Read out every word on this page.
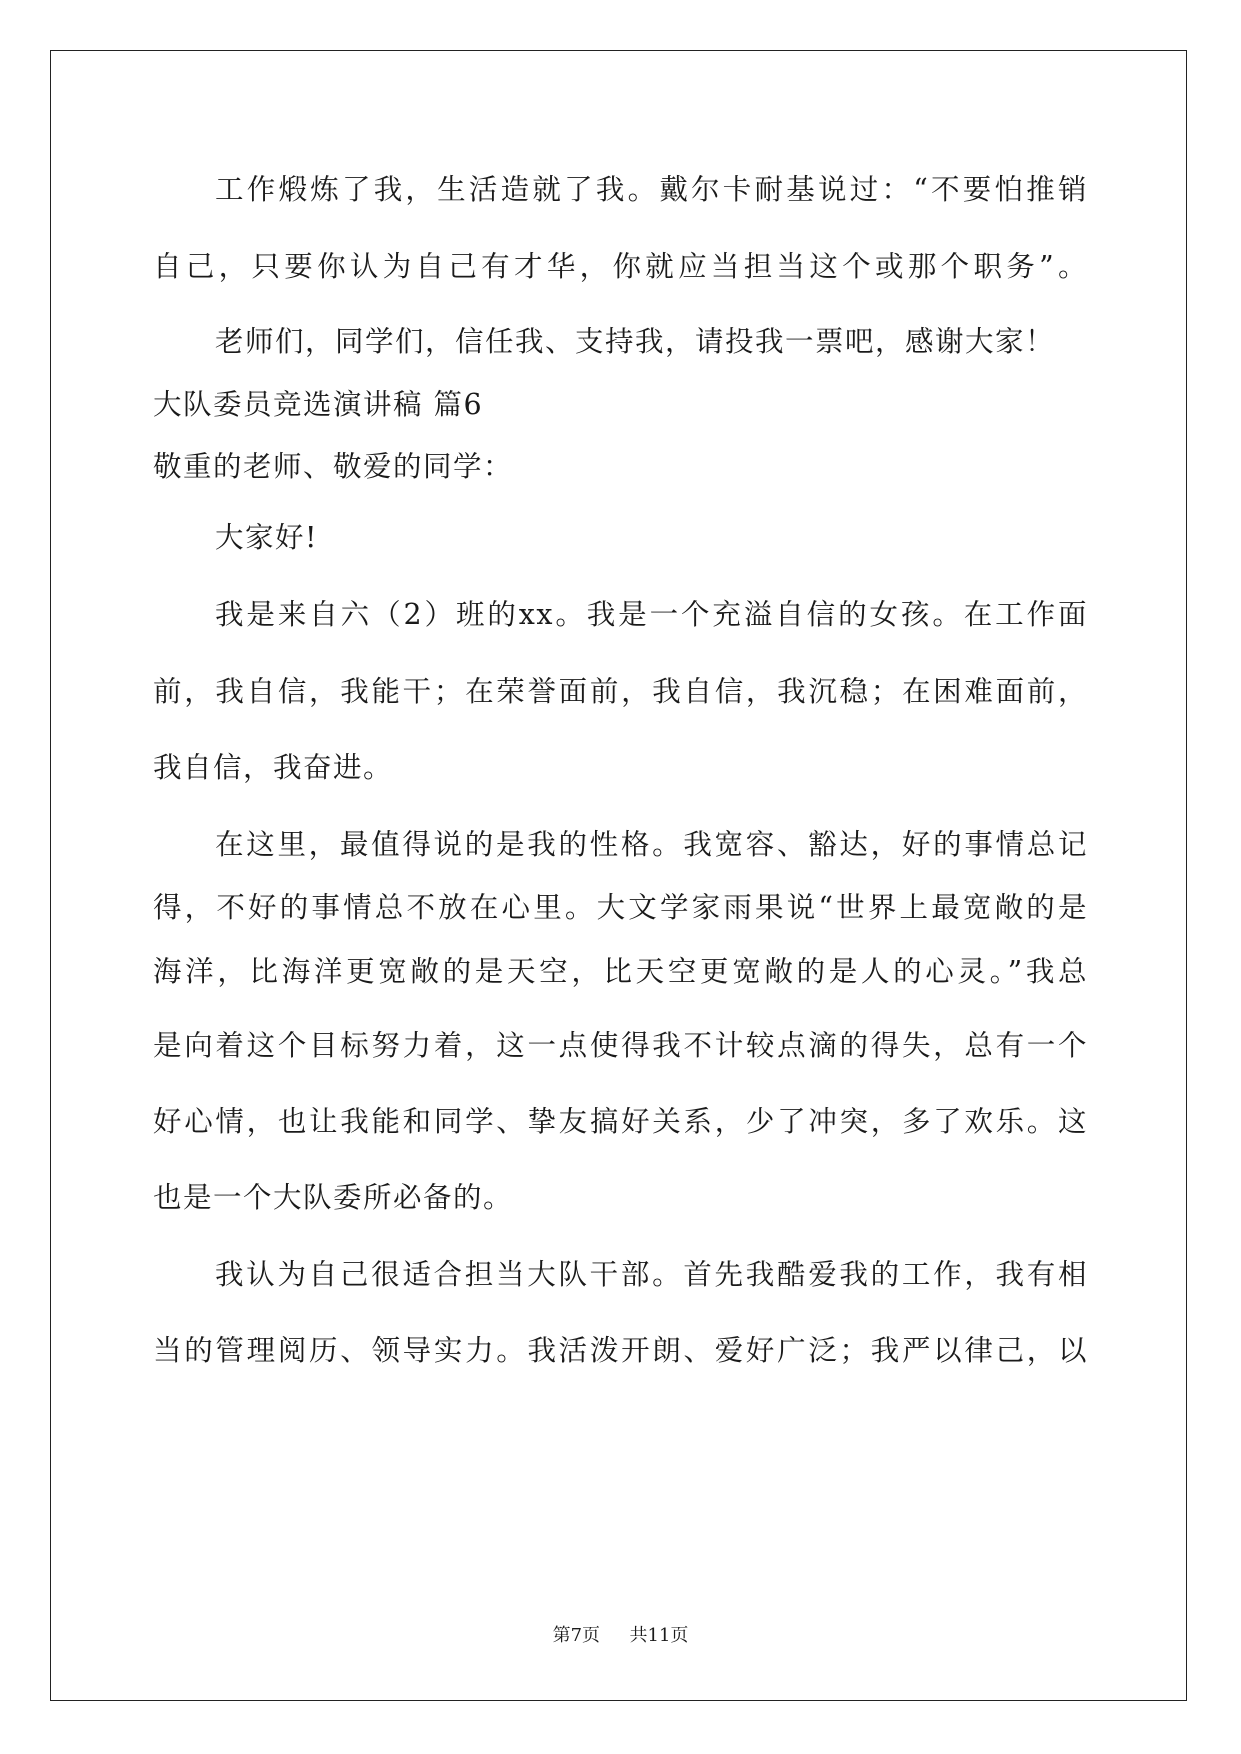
工作煅炼了我，生活造就了我。戴尔卡耐基说过：“不要怕推销
自己，只要你认为自己有才华，你就应当担当这个或那个职务”。
老师们，同学们，信任我、支持我，请投我一票吧，感谢大家！
大队委员竞选演讲稿 篇6
敬重的老师、敬爱的同学：
大家好!
我是来自六（2）班的xx。我是一个充溢自信的女孩。在工作面
前，我自信，我能干；在荣誉面前，我自信，我沉稳；在困难面前，
我自信，我奋进。
在这里，最值得说的是我的性格。我宽容、豁达，好的事情总记
得，不好的事情总不放在心里。大文学家雨果说“世界上最宽敞的是
海洋，比海洋更宽敞的是天空，比天空更宽敞的是人的心灵。”我总
是向着这个目标努力着，这一点使得我不计较点滴的得失，总有一个
好心情，也让我能和同学、挚友搞好关系，少了冲突，多了欢乐。这
也是一个大队委所必备的。
我认为自己很适合担当大队干部。首先我酷爱我的工作，我有相
当的管理阅历、领导实力。我活泼开朗、爱好广泛；我严以律己，以
第7页 共11页
